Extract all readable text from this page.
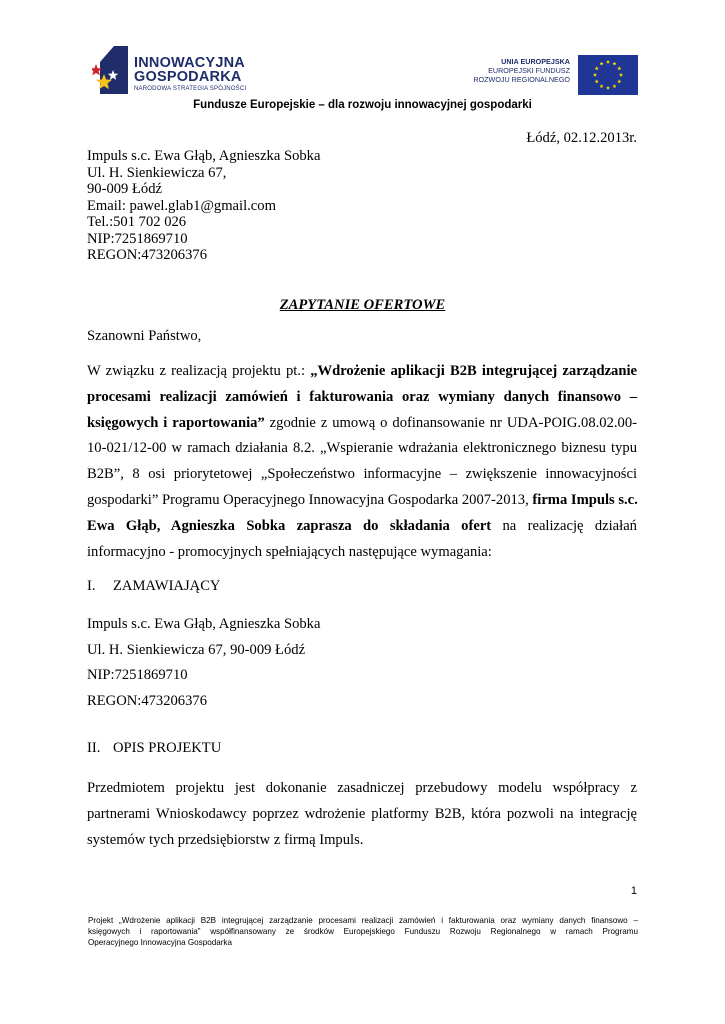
INNOWACYJNA
GOSPODARKA
NARODOWA STRATEGIA SPÓJNOŚCI
UNIA EUROPEJSKA
EUROPEJSKI FUNDUSZ
ROZWOJU REGIONALNEGO
Fundusze Europejskie – dla rozwoju innowacyjnej gospodarki
Łódź, 02.12.2013r.
Impuls s.c. Ewa Głąb, Agnieszka Sobka
Ul. H. Sienkiewicza 67,
90-009 Łódź
Email: pawel.glab1@gmail.com
Tel.:501 702 026
NIP:7251869710
REGON:473206376
ZAPYTANIE OFERTOWE
Szanowni Państwo,
W związku z realizacją projektu pt.: „Wdrożenie aplikacji B2B integrującej zarządzanie
procesami realizacji zamówień i fakturowania oraz wymiany danych finansowo –
księgowych i raportowania” zgodnie z umową o dofinansowanie nr UDA-POIG.08.02.00-
10-021/12-00 w ramach działania 8.2. „Wspieranie wdrażania elektronicznego biznesu typu
B2B”, 8 osi priorytetowej „Społeczeństwo informacyjne – zwiększenie innowacyjności
gospodarki” Programu Operacyjnego Innowacyjna Gospodarka 2007-2013, firma Impuls s.c.
Ewa Głąb, Agnieszka Sobka zaprasza do składania ofert na realizację działań
informacyjno - promocyjnych spełniających następujące wymagania:
I. ZAMAWIAJĄCY
Impuls s.c. Ewa Głąb, Agnieszka Sobka
Ul. H. Sienkiewicza 67, 90-009 Łódź
NIP:7251869710
REGON:473206376
II. OPIS PROJEKTU
Przedmiotem projektu jest dokonanie zasadniczej przebudowy modelu współpracy z
partnerami Wnioskodawcy poprzez wdrożenie platformy B2B, która pozwoli na integrację
systemów tych przedsiębiorstw z firmą Impuls.
1
Projekt „Wdrożenie aplikacji B2B integrującej zarządzanie procesami realizacji zamówień i fakturowania oraz wymiany danych finansowo –
księgowych i raportowania” współfinansowany ze środków Europejskiego Funduszu Rozwoju Regionalnego w ramach Programu
Operacyjnego Innowacyjna Gospodarka
